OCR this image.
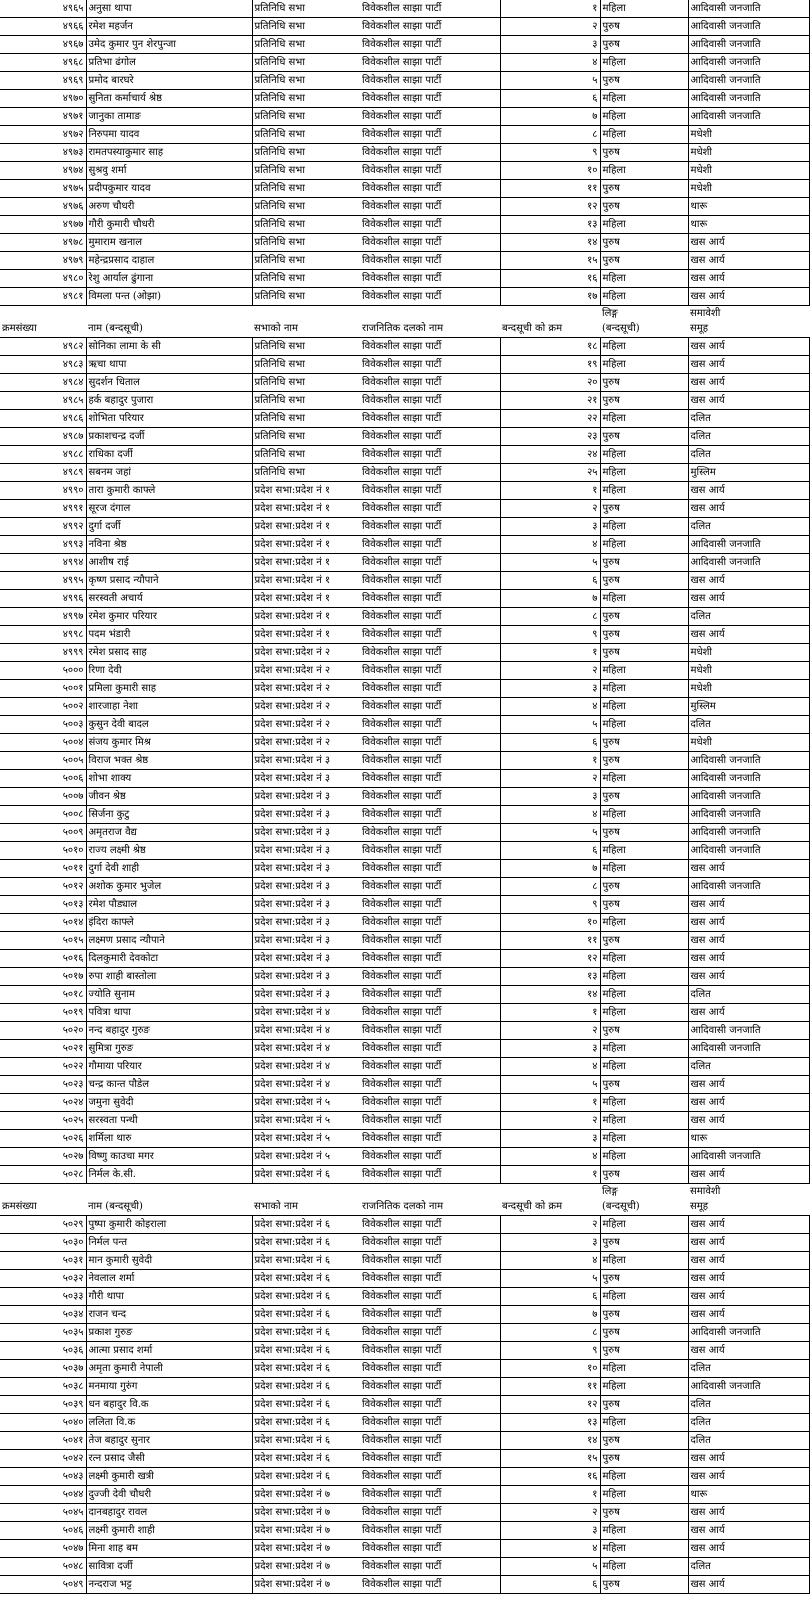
४९६५	अनुसा थापा	प्रतिनिधि सभा	विवेकशील साझा पार्टी	१	महिला	आदिवासी जनजाति
४९६६	रमेश महर्जन	प्रतिनिधि सभा	विवेकशील साझा पार्टी	२	पुरुष	आदिवासी जनजाति
४९६७	उमेद कुमार पुन शेरपुन्जा	प्रतिनिधि सभा	विवेकशील साझा पार्टी	३	पुरुष	आदिवासी जनजाति
४९६८	प्रतिभा ढंगोल	प्रतिनिधि सभा	विवेकशील साझा पार्टी	४	महिला	आदिवासी जनजाति
४९६९	प्रमोद बारघरे	प्रतिनिधि सभा	विवेकशील साझा पार्टी	५	पुरुष	आदिवासी जनजाति
४९७०	सुनिता कर्माचार्य श्रेष्ठ	प्रतिनिधि सभा	विवेकशील साझा पार्टी	६	महिला	आदिवासी जनजाति
४९७१	जानुका तामाङ	प्रतिनिधि सभा	विवेकशील साझा पार्टी	७	महिला	आदिवासी जनजाति
४९७२	निरुपमा यादव	प्रतिनिधि सभा	विवेकशील साझा पार्टी	८	महिला	मधेशी
४९७३	रामतपस्याकुमार साह	प्रतिनिधि सभा	विवेकशील साझा पार्टी	९	पुरुष	मधेशी
४९७४	सुश्रवु शर्मा	प्रतिनिधि सभा	विवेकशील साझा पार्टी	१०	महिला	मधेशी
४९७५	प्रदीपकुमार यादव	प्रतिनिधि सभा	विवेकशील साझा पार्टी	११	पुरुष	मधेशी
४९७६	अरुण चौधरी	प्रतिनिधि सभा	विवेकशील साझा पार्टी	१२	पुरुष	थारू
४९७७	गौरी कुमारी चौधरी	प्रतिनिधि सभा	विवेकशील साझा पार्टी	१३	महिला	थारू
४९७८	मुमाराम खनाल	प्रतिनिधि सभा	विवेकशील साझा पार्टी	१४	पुरुष	खस आर्य
४९७९	महेन्द्रप्रसाद दाहाल	प्रतिनिधि सभा	विवेकशील साझा पार्टी	१५	पुरुष	खस आर्य
४९८०	रेशु आर्याल ढुंगाना	प्रतिनिधि सभा	विवेकशील साझा पार्टी	१६	महिला	खस आर्य
४९८१	विमला पन्त (ओझा)	प्रतिनिधि सभा	विवेकशील साझा पार्टी	१७	महिला	खस आर्य
					लिङ्ग	समावेशी
क्रमसंख्या	नाम (बन्दसूची)	सभाको नाम	राजनितिक दलको नाम	बन्दसूची को क्रम	(बन्दसूची)	समूह
४९८२	सोनिका लामा के सी	प्रतिनिधि सभा	विवेकशील साझा पार्टी	१८	महिला	खस आर्य
४९८३	ऋचा थापा	प्रतिनिधि सभा	विवेकशील साझा पार्टी	१९	महिला	खस आर्य
४९८४	सुदर्शन धिताल	प्रतिनिधि सभा	विवेकशील साझा पार्टी	२०	पुरुष	खस आर्य
४९८५	हर्क बहादुर पुजारा	प्रतिनिधि सभा	विवेकशील साझा पार्टी	२१	पुरुष	खस आर्य
४९८६	शोभिता परियार	प्रतिनिधि सभा	विवेकशील साझा पार्टी	२२	महिला	दलित
४९८७	प्रकाशचन्द्र दर्जी	प्रतिनिधि सभा	विवेकशील साझा पार्टी	२३	पुरुष	दलित
४९८८	राधिका दर्जी	प्रतिनिधि सभा	विवेकशील साझा पार्टी	२४	महिला	दलित
४९८९	सबनम जहां	प्रतिनिधि सभा	विवेकशील साझा पार्टी	२५	महिला	मुस्लिम
४९९०	तारा कुमारी काफ्ले	प्रदेश सभा:प्रदेश नं १	विवेकशील साझा पार्टी	१	महिला	खस आर्य
४९९१	सूरज दंगाल	प्रदेश सभा:प्रदेश नं १	विवेकशील साझा पार्टी	२	पुरुष	खस आर्य
४९९२	दुर्गा दर्जी	प्रदेश सभा:प्रदेश नं १	विवेकशील साझा पार्टी	३	महिला	दलित
४९९३	नविना श्रेष्ठ	प्रदेश सभा:प्रदेश नं १	विवेकशील साझा पार्टी	४	महिला	आदिवासी जनजाति
४९९४	आशीष राई	प्रदेश सभा:प्रदेश नं १	विवेकशील साझा पार्टी	५	पुरुष	आदिवासी जनजाति
४९९५	कृष्ण प्रसाद न्यौपाने	प्रदेश सभा:प्रदेश नं १	विवेकशील साझा पार्टी	६	पुरुष	खस आर्य
४९९६	सरस्वती अचार्य	प्रदेश सभा:प्रदेश नं १	विवेकशील साझा पार्टी	७	महिला	खस आर्य
४९९७	रमेश कुमार परियार	प्रदेश सभा:प्रदेश नं १	विवेकशील साझा पार्टी	८	पुरुष	दलित
४९९८	पदम भंडारी	प्रदेश सभा:प्रदेश नं १	विवेकशील साझा पार्टी	९	पुरुष	खस आर्य
४९९९	रमेश प्रसाद साह	प्रदेश सभा:प्रदेश नं २	विवेकशील साझा पार्टी	१	पुरुष	मधेशी
५०००	रिणा देवी	प्रदेश सभा:प्रदेश नं २	विवेकशील साझा पार्टी	२	महिला	मधेशी
५००१	प्रमिला कुमारी साह	प्रदेश सभा:प्रदेश नं २	विवेकशील साझा पार्टी	३	महिला	मधेशी
५००२	शारजाहा नेशा	प्रदेश सभा:प्रदेश नं २	विवेकशील साझा पार्टी	४	महिला	मुस्लिम
५००३	कुसुन देवी बादल	प्रदेश सभा:प्रदेश नं २	विवेकशील साझा पार्टी	५	महिला	दलित
५००४	संजय कुमार मिश्र	प्रदेश सभा:प्रदेश नं २	विवेकशील साझा पार्टी	६	पुरुष	मधेशी
५००५	विराज भक्त श्रेष्ठ	प्रदेश सभा:प्रदेश नं ३	विवेकशील साझा पार्टी	१	पुरुष	आदिवासी जनजाति
५००६	शोभा शाक्य	प्रदेश सभा:प्रदेश नं ३	विवेकशील साझा पार्टी	२	महिला	आदिवासी जनजाति
५००७	जीवन श्रेष्ठ	प्रदेश सभा:प्रदेश नं ३	विवेकशील साझा पार्टी	३	पुरुष	आदिवासी जनजाति
५००८	सिर्जना कुटु	प्रदेश सभा:प्रदेश नं ३	विवेकशील साझा पार्टी	४	महिला	आदिवासी जनजाति
५००९	अमृतराज वैद्य	प्रदेश सभा:प्रदेश नं ३	विवेकशील साझा पार्टी	५	पुरुष	आदिवासी जनजाति
५०१०	राज्य लक्ष्मी श्रेष्ठ	प्रदेश सभा:प्रदेश नं ३	विवेकशील साझा पार्टी	६	महिला	आदिवासी जनजाति
५०११	दुर्गा देवी शाही	प्रदेश सभा:प्रदेश नं ३	विवेकशील साझा पार्टी	७	महिला	खस आर्य
५०१२	अशोक कुमार भुजेल	प्रदेश सभा:प्रदेश नं ३	विवेकशील साझा पार्टी	८	पुरुष	आदिवासी जनजाति
५०१३	रमेश पौड्याल	प्रदेश सभा:प्रदेश नं ३	विवेकशील साझा पार्टी	९	पुरुष	खस आर्य
५०१४	इंदिरा काफ्ले	प्रदेश सभा:प्रदेश नं ३	विवेकशील साझा पार्टी	१०	महिला	खस आर्य
५०१५	लक्ष्मण प्रसाद न्यौपाने	प्रदेश सभा:प्रदेश नं ३	विवेकशील साझा पार्टी	११	पुरुष	खस आर्य
५०१६	दिलकुमारी देवकोटा	प्रदेश सभा:प्रदेश नं ३	विवेकशील साझा पार्टी	१२	महिला	खस आर्य
५०१७	रुपा शाही बास्तोला	प्रदेश सभा:प्रदेश नं ३	विवेकशील साझा पार्टी	१३	महिला	खस आर्य
५०१८	ज्योति सुनाम	प्रदेश सभा:प्रदेश नं ३	विवेकशील साझा पार्टी	१४	महिला	दलित
५०१९	पवित्रा थापा	प्रदेश सभा:प्रदेश नं ४	विवेकशील साझा पार्टी	१	महिला	खस आर्य
५०२०	नन्द बहादुर गुरुङ	प्रदेश सभा:प्रदेश नं ४	विवेकशील साझा पार्टी	२	पुरुष	आदिवासी जनजाति
५०२१	सुमित्रा गुरुङ	प्रदेश सभा:प्रदेश नं ४	विवेकशील साझा पार्टी	३	महिला	आदिवासी जनजाति
५०२२	गौमाया परियार	प्रदेश सभा:प्रदेश नं ४	विवेकशील साझा पार्टी	४	महिला	दलित
५०२३	चन्द्र कान्त पौडेल	प्रदेश सभा:प्रदेश नं ४	विवेकशील साझा पार्टी	५	पुरुष	खस आर्य
५०२४	जमुना सुवेदी	प्रदेश सभा:प्रदेश नं ५	विवेकशील साझा पार्टी	१	महिला	खस आर्य
५०२५	सरस्वता पन्थी	प्रदेश सभा:प्रदेश नं ५	विवेकशील साझा पार्टी	२	महिला	खस आर्य
५०२६	शर्मिला थारु	प्रदेश सभा:प्रदेश नं ५	विवेकशील साझा पार्टी	३	महिला	थारू
५०२७	विष्णु काउचा मगर	प्रदेश सभा:प्रदेश नं ५	विवेकशील साझा पार्टी	४	महिला	आदिवासी जनजाति
५०२८	निर्मल के.सी.	प्रदेश सभा:प्रदेश नं ६	विवेकशील साझा पार्टी	१	पुरुष	खस आर्य
					लिङ्ग	समावेशी
क्रमसंख्या	नाम (बन्दसूची)	सभाको नाम	राजनितिक दलको नाम	बन्दसूची को क्रम	(बन्दसूची)	समूह
५०२९	पुष्पा कुमारी कोइराला	प्रदेश सभा:प्रदेश नं ६	विवेकशील साझा पार्टी	२	महिला	खस आर्य
५०३०	निर्मल पन्त	प्रदेश सभा:प्रदेश नं ६	विवेकशील साझा पार्टी	३	पुरुष	खस आर्य
५०३१	मान कुमारी सुवेदी	प्रदेश सभा:प्रदेश नं ६	विवेकशील साझा पार्टी	४	महिला	खस आर्य
५०३२	नेवलाल शर्मा	प्रदेश सभा:प्रदेश नं ६	विवेकशील साझा पार्टी	५	पुरुष	खस आर्य
५०३३	गौरी थापा	प्रदेश सभा:प्रदेश नं ६	विवेकशील साझा पार्टी	६	महिला	खस आर्य
५०३४	राजन चन्द	प्रदेश सभा:प्रदेश नं ६	विवेकशील साझा पार्टी	७	पुरुष	खस आर्य
५०३५	प्रकाश गुरुङ	प्रदेश सभा:प्रदेश नं ६	विवेकशील साझा पार्टी	८	पुरुष	आदिवासी जनजाति
५०३६	आत्मा प्रसाद शर्मा	प्रदेश सभा:प्रदेश नं ६	विवेकशील साझा पार्टी	९	पुरुष	खस आर्य
५०३७	अमृता कुमारी नेपाली	प्रदेश सभा:प्रदेश नं ६	विवेकशील साझा पार्टी	१०	महिला	दलित
५०३८	मनमाया गुरुंग	प्रदेश सभा:प्रदेश नं ६	विवेकशील साझा पार्टी	११	महिला	आदिवासी जनजाति
५०३९	धन बहादुर वि.क	प्रदेश सभा:प्रदेश नं ६	विवेकशील साझा पार्टी	१२	पुरुष	दलित
५०४०	ललिता वि.क	प्रदेश सभा:प्रदेश नं ६	विवेकशील साझा पार्टी	१३	महिला	दलित
५०४१	तेज बहादुर सुनार	प्रदेश सभा:प्रदेश नं ६	विवेकशील साझा पार्टी	१४	पुरुष	दलित
५०४२	रत्न प्रसाद जैसी	प्रदेश सभा:प्रदेश नं ६	विवेकशील साझा पार्टी	१५	पुरुष	खस आर्य
५०४३	लक्ष्मी कुमारी खत्री	प्रदेश सभा:प्रदेश नं ६	विवेकशील साझा पार्टी	१६	महिला	खस आर्य
५०४४	दुज्जी देवी चौधरी	प्रदेश सभा:प्रदेश नं ७	विवेकशील साझा पार्टी	१	महिला	थारू
५०४५	दानबहादुर रावल	प्रदेश सभा:प्रदेश नं ७	विवेकशील साझा पार्टी	२	पुरुष	खस आर्य
५०४६	लक्ष्मी कुमारी शाही	प्रदेश सभा:प्रदेश नं ७	विवेकशील साझा पार्टी	३	महिला	खस आर्य
५०४७	मिना शाह बम	प्रदेश सभा:प्रदेश नं ७	विवेकशील साझा पार्टी	४	महिला	खस आर्य
५०४८	सावित्रा दर्जी	प्रदेश सभा:प्रदेश नं ७	विवेकशील साझा पार्टी	५	महिला	दलित
५०४९	नन्दराज भट्ट	प्रदेश सभा:प्रदेश नं ७	विवेकशील साझा पार्टी	६	पुरुष	खस आर्य
